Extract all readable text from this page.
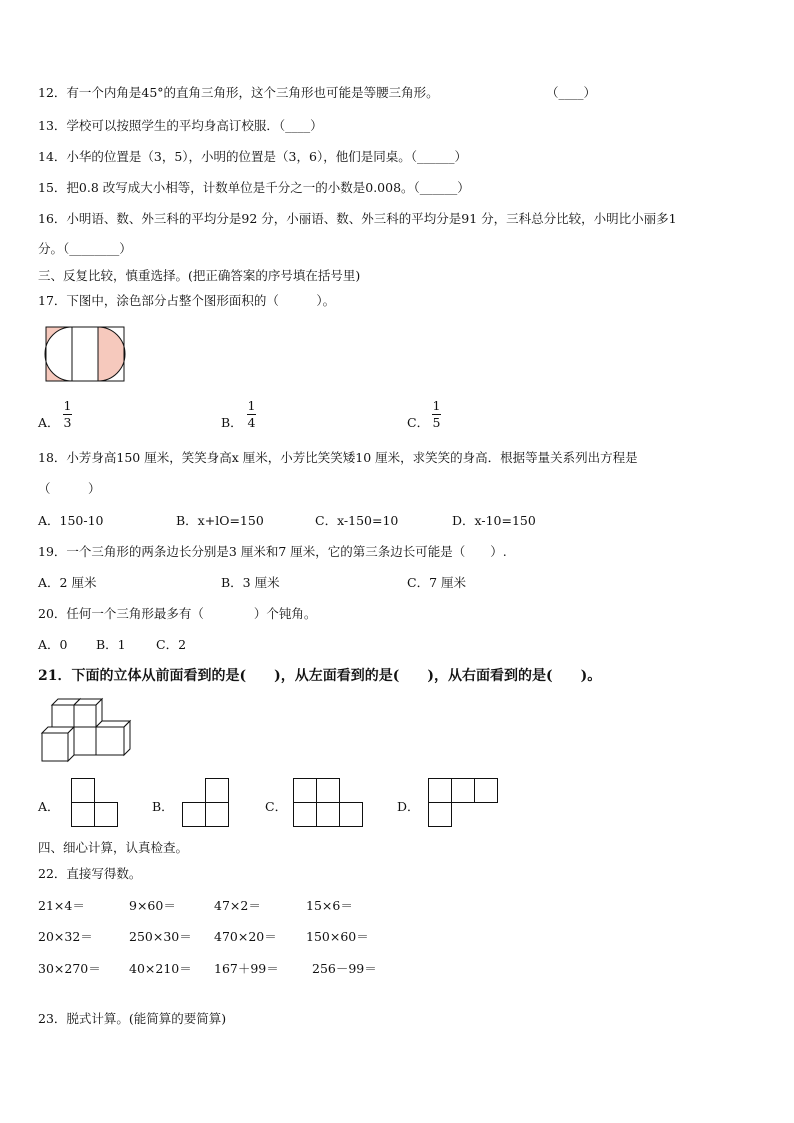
12．有一个内角是45°的直角三角形，这个三角形也可能是等腰三角形。	（____）
13．学校可以按照学生的平均身高订校服．（____）
14．小华的位置是（3，5），小明的位置是（3，6），他们是同桌。（______）
15．把0.8 改写成大小相等，计数单位是千分之一的小数是0.008。（______）
16．小明语、数、外三科的平均分是92 分，小丽语、数、外三科的平均分是91 分，三科总分比较，小明比小丽多1
分。（________）
三、反复比较，慎重选择。(把正确答案的序号填在括号里)
17．下图中，涂色部分占整个图形面积的（　　　）。
A．
1
3	B．
1
4	C．
1
5
18．小芳身高150 厘米，笑笑身高x 厘米，小芳比笑笑矮10 厘米，求笑笑的身高．根据等量关系列出方程是
（　　　）
A．150-10	B．x+lO=150	C．x-150=10	D．x-10=150
19．一个三角形的两条边长分别是3 厘米和7 厘米，它的第三条边长可能是（　　）.
A．2 厘米	B．3 厘米	C．7 厘米
20．任何一个三角形最多有（　　　　）个钝角。
A．0 B．1 C．2
21．下面的立体从前面看到的是(　　)，从左面看到的是(　　)，从右面看到的是(　　)。
A．	B．	C．	D．
四、细心计算，认真检查。
22．直接写得数。
21×4＝	9×60＝	47×2＝	15×6＝
20×32＝	250×30＝ 470×20＝ 150×60＝
30×270＝ 40×210＝ 167＋99＝	256－99＝
23．脱式计算。(能简算的要简算)
